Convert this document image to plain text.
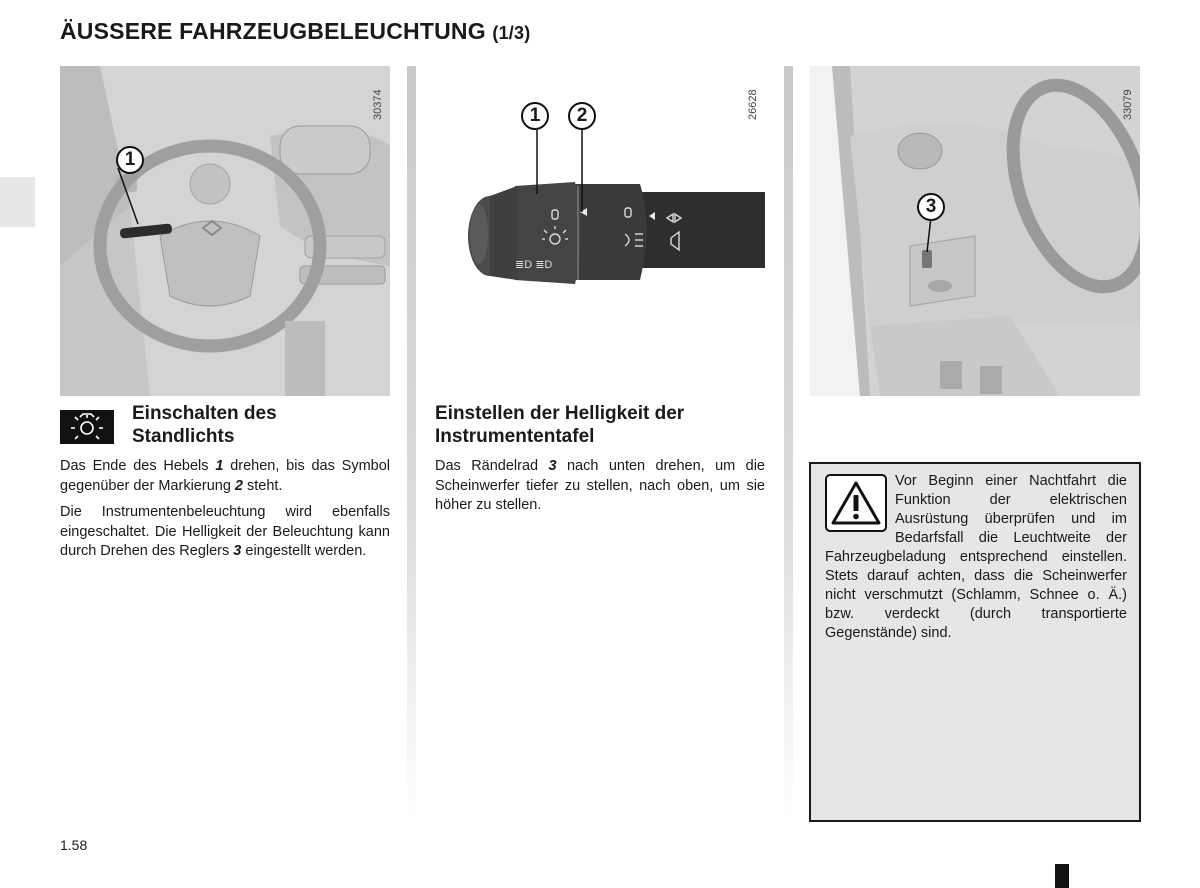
ÄUSSERE FAHRZEUGBELEUCHTUNG (1/3)
30374
1
≣D ≣D
26628
1	2	33079
3
Einschalten des
Standlichts
Das Ende des Hebels 1 drehen, bis das Symbol gegenüber der Markierung 2 steht.
Die Instrumentenbeleuchtung wird ebenfalls eingeschaltet. Die Helligkeit der Beleuchtung kann durch Drehen des Reglers 3 eingestellt werden.
Einstellen der Helligkeit der
Instrumententafel
Das Rändelrad 3 nach unten drehen, um die Scheinwerfer tiefer zu stellen, nach oben, um sie höher zu stellen.
Vor Beginn einer Nachtfahrt die Funktion der elektrischen Ausrüstung überprüfen und im Bedarfsfall die Leuchtweite der Fahrzeugbeladung entsprechend einstellen. Stets darauf achten, dass die Scheinwerfer nicht verschmutzt (Schlamm, Schnee o. Ä.) bzw. verdeckt (durch transportierte Gegenstände) sind.
1.58
